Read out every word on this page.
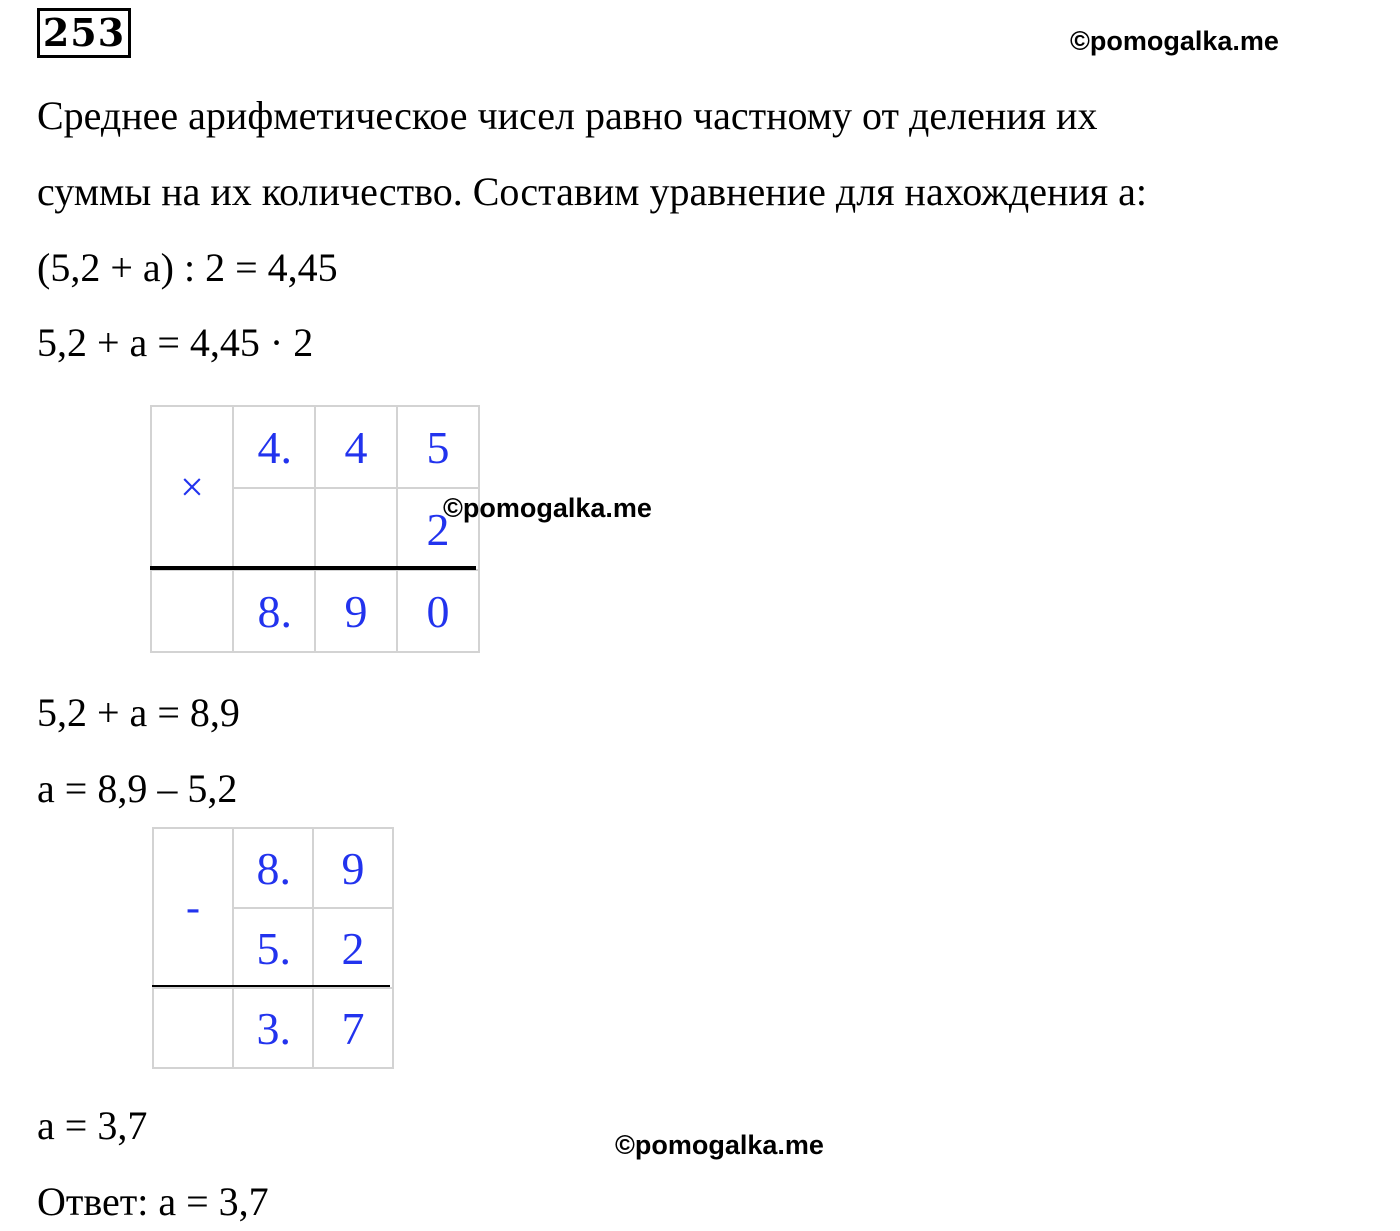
253	©pomogalka.me
Среднее арифметическое чисел равно частному от деления их
суммы на их количество. Составим уравнение для нахождения а:
(5,2 + а) : 2 = 4,45
5,2 + а = 4,45 · 2
×
4 . 4 5
2
8 . 9 0
©pomogalka.me
5,2 + а = 8,9
а = 8,9 – 5,2
-
8 . 9
5 . 2
3 . 7
а = 3,7	©pomogalka.me
Ответ: а = 3,7
